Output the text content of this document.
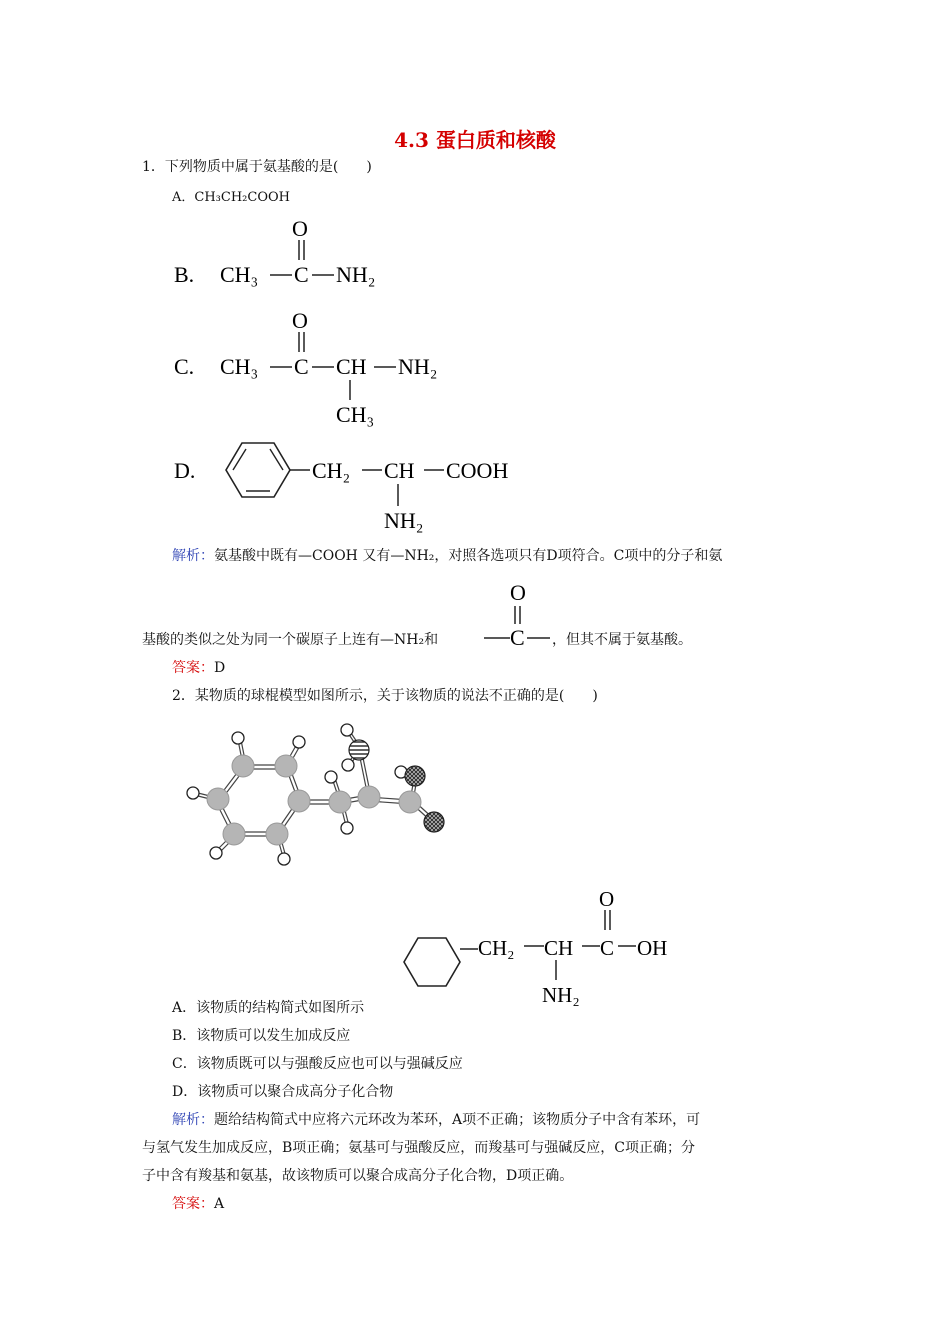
4.3 蛋白质和核酸
1．下列物质中属于氨基酸的是(　　)
A．CH₃CH₂COOH
B. CH₃ C
O
NH₂
C. CH₃ C
O
CH NH₂
CH₃
D.	CH₂ CH COOH
NH₂
解析：氨基酸中既有—COOH 又有—NH₂，对照各选项只有D项符合。C项中的分子和氨
基酸的类似之处为同一个碳原子上连有—NH₂和
O
C ，但其不属于氨基酸。
答案：D
2．某物质的球棍模型如图所示，关于该物质的说法不正确的是(　　)
CH₂ CH C
O
OH
NH₂
A．该物质的结构简式如图所示
B．该物质可以发生加成反应
C．该物质既可以与强酸反应也可以与强碱反应
D．该物质可以聚合成高分子化合物
解析：题给结构简式中应将六元环改为苯环，A项不正确；该物质分子中含有苯环，可
与氢气发生加成反应，B项正确；氨基可与强酸反应，而羧基可与强碱反应，C项正确；分
子中含有羧基和氨基，故该物质可以聚合成高分子化合物，D项正确。
答案：A
